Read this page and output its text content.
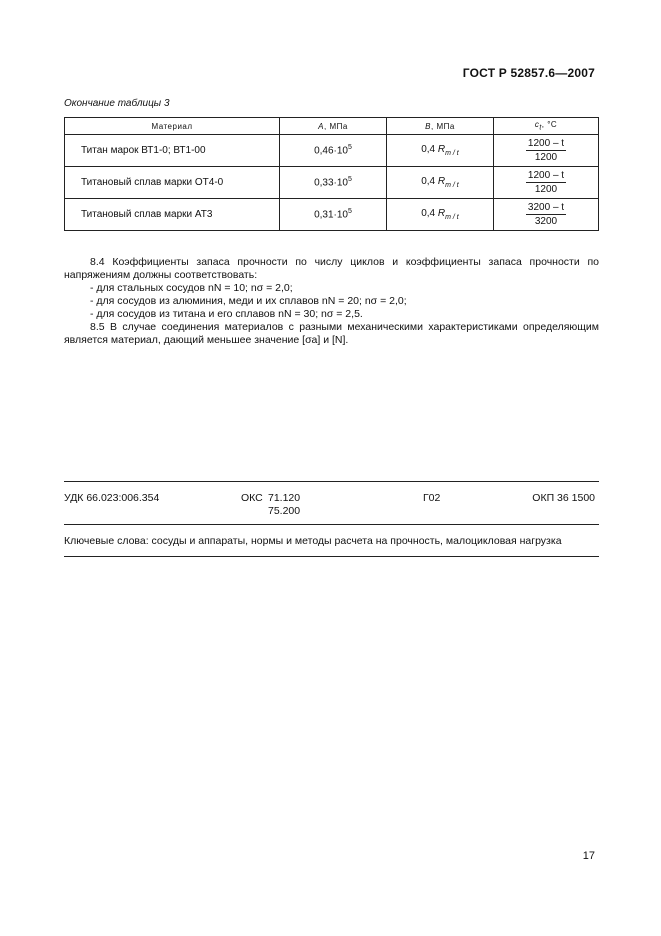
ГОСТ Р 52857.6—2007
Окончание таблицы 3
Материал	A, МПа	B, МПа	$c_t$, °C
Титан марок ВТ1-0; ВТ1-00	$0,46\cdot 10^5$	0,4 $R_{m / t}$	$\frac{1200 - t}{1200}$

Титановый сплав марки ОТ4-0	$0,33\cdot 10^5$	0,4 $R_{m / t}$	$\frac{1200 - t}{1200}$

Титановый сплав марки АТ3	$0,31\cdot 10^5$	0,4 $R_{m / t}$	$\frac{3200 - t}{3200}$
8.4 Коэффициенты запаса прочности по числу циклов и коэффициенты запаса прочности по напряжениям должны соответствовать:
- для стальных сосудов nN = 10; nσ = 2,0;
- для сосудов из алюминия, меди и их сплавов nN = 20; nσ = 2,0;
- для сосудов из титана и его сплавов nN = 30; nσ = 2,5.
8.5 В случае соединения материалов с разными механическими характеристиками определяющим является материал, дающий меньшее значение [σa] и [N].
УДК 66.023:006.354	ОКС 71.120
75.200
Г02	ОКП 36 1500
Ключевые слова: сосуды и аппараты, нормы и методы расчета на прочность, малоцикловая нагрузка
17
